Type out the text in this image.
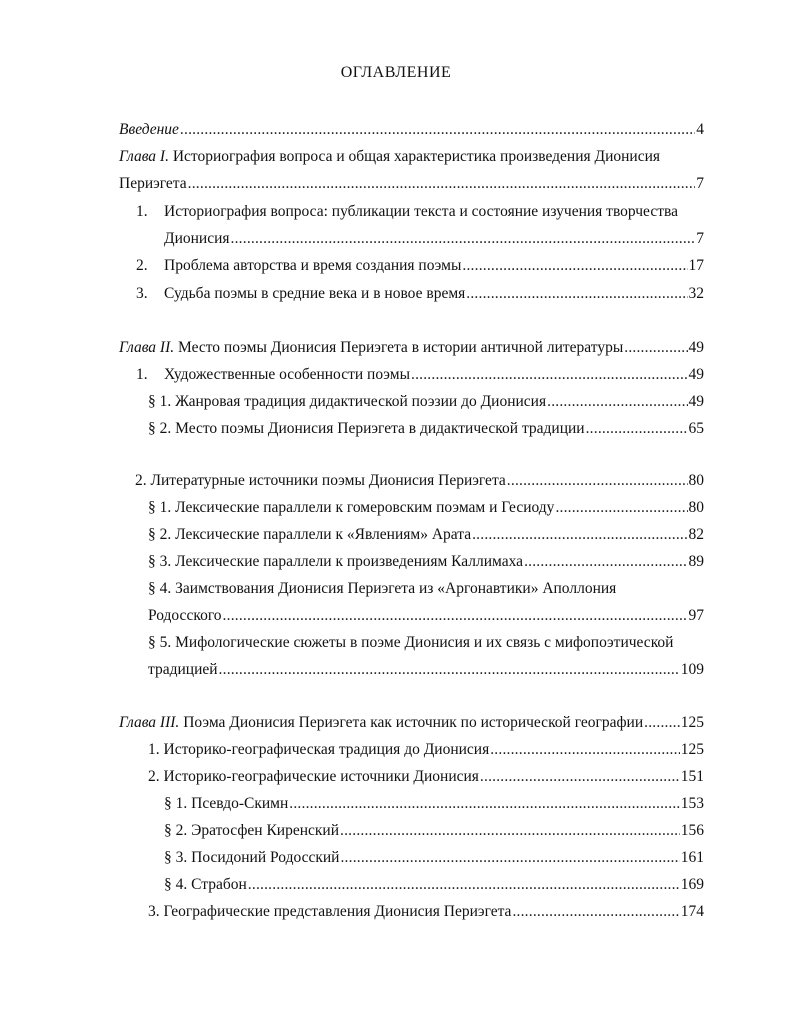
ОГЛАВЛЕНИЕ
Введение .....	4
Глава I. Историография вопроса и общая характеристика произведения Дионисия
Периэгета .....	7
1.	Историография вопроса: публикации текста и состояние изучения творчества
Дионисия .....	7
2.	Проблема авторства и время создания поэмы .....	17
3.	Судьба поэмы в средние века и в новое время .....	32
Глава II. Место поэмы Дионисия Периэгета в истории античной литературы .....	49
1.	Художественные особенности поэмы .....	49
§ 1. Жанровая традиция дидактической поэзии до Дионисия .....	49
§ 2. Место поэмы Дионисия Периэгета в дидактической традиции .....	65
2. Литературные источники поэмы Дионисия Периэгета .....	80
§ 1. Лексические параллели к гомеровским поэмам и Гесиоду .....	80
§ 2. Лексические параллели к «Явлениям» Арата .....	82
§ 3. Лексические параллели к произведениям Каллимаха .....	89
§ 4. Заимствования Дионисия Периэгета из «Аргонавтики» Аполлония
Родосского .....	97
§ 5. Мифологические сюжеты в поэме Дионисия и их связь с мифопоэтической
традицией .....	109
Глава III. Поэма Дионисия Периэгета как источник по исторической географии ..... 125
1. Историко-географическая традиция до Дионисия .....	125
2. Историко-географические источники Дионисия .....	151
§ 1. Псевдо-Скимн .....	153
§ 2. Эратосфен Киренский .....	156
§ 3. Посидоний Родосский .....	161
§ 4. Страбон .....	169
3. Географические представления Дионисия Периэгета .....	174
